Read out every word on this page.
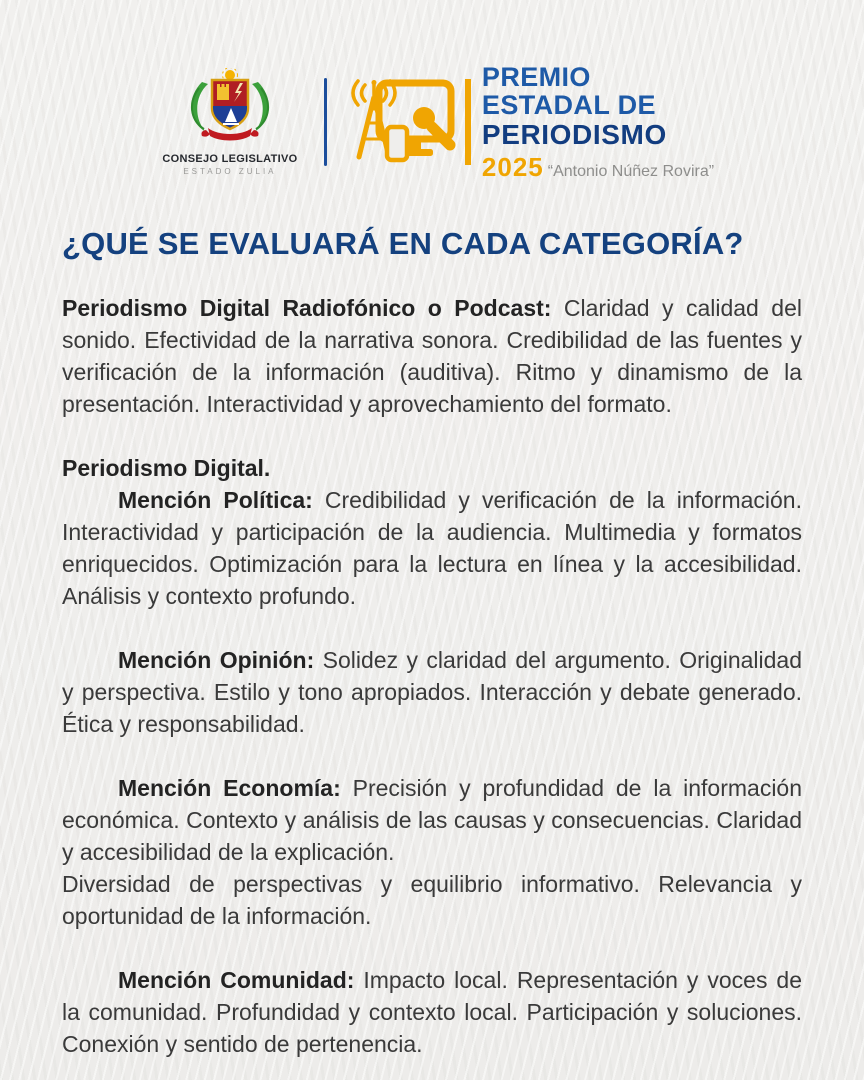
CONSEJO LEGISLATIVO
ESTADO ZULIA
PREMIO
ESTADAL DE
PERIODISMO
2025 “Antonio Núñez Rovira”
¿QUÉ SE EVALUARÁ EN CADA CATEGORÍA?

Periodismo Digital Radiofónico o Podcast: Claridad y calidad del sonido. Efectividad de la narrativa sonora. Credibilidad de las fuentes y verificación de la información (auditiva). Ritmo y dinamismo de la presentación. Interactividad y aprovechamiento del formato.

Periodismo Digital.

Mención Política: Credibilidad y verificación de la información. Interactividad y participación de la audiencia. Multimedia y formatos enriquecidos. Optimización para la lectura en línea y la accesibilidad. Análisis y contexto profundo.

Mención Opinión: Solidez y claridad del argumento. Originalidad y perspectiva. Estilo y tono apropiados. Interacción y debate generado. Ética y responsabilidad.

Mención Economía: Precisión y profundidad de la información económica. Contexto y análisis de las causas y consecuencias. Claridad y accesibilidad de la explicación.
Diversidad de perspectivas y equilibrio informativo. Relevancia y oportunidad de la información.

Mención Comunidad: Impacto local. Representación y voces de la comunidad. Profundidad y contexto local. Participación y soluciones. Conexión y sentido de pertenencia.
